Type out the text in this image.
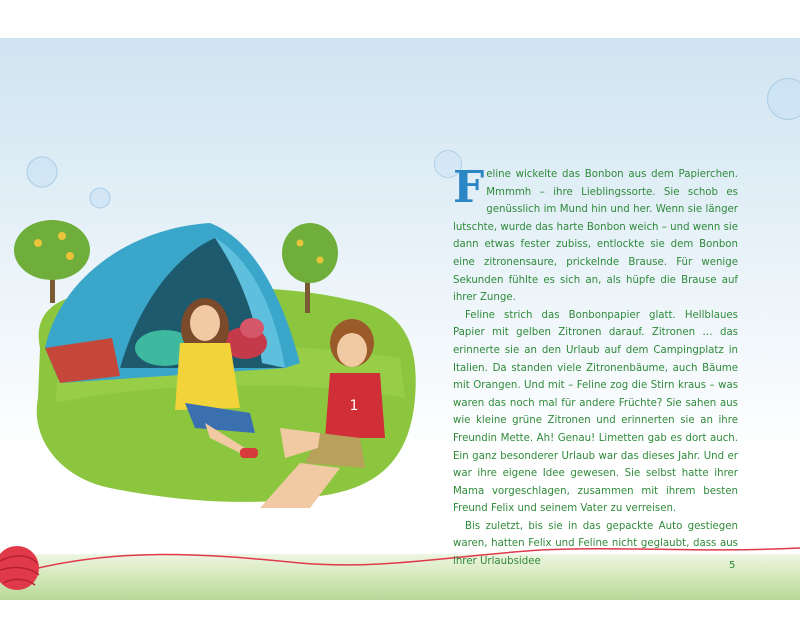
1

Feline wickelte das Bonbon aus dem Papierchen. Mmmmh – ihre Lieblingssorte. Sie schob es genüsslich im Mund hin und her. Wenn sie länger lutschte, wurde das harte Bonbon weich – und wenn sie dann etwas fester zubiss, entlockte sie dem Bonbon eine zitronensaure, prickelnde Brause. Für wenige Sekunden fühlte es sich an, als hüpfe die Brause auf ihrer Zunge.

Feline strich das Bonbonpapier glatt. Hellblaues Papier mit gelben Zitronen darauf. Zitronen … das erinnerte sie an den Urlaub auf dem Campingplatz in Italien. Da standen viele Zitronenbäume, auch Bäume mit Orangen. Und mit – Feline zog die Stirn kraus – was waren das noch mal für andere Früchte? Sie sahen aus wie kleine grüne Zitronen und erinnerten sie an ihre Freundin Mette. Ah! Genau! Limetten gab es dort auch. Ein ganz besonderer Urlaub war das dieses Jahr. Und er war ihre eigene Idee gewesen. Sie selbst hatte ihrer Mama vorgeschlagen, zusammen mit ihrem besten Freund Felix und seinem Vater zu verreisen.

Bis zuletzt, bis sie in das gepackte Auto gestiegen waren, hatten Felix und Feline nicht geglaubt, dass aus ihrer Urlaubsidee	5
